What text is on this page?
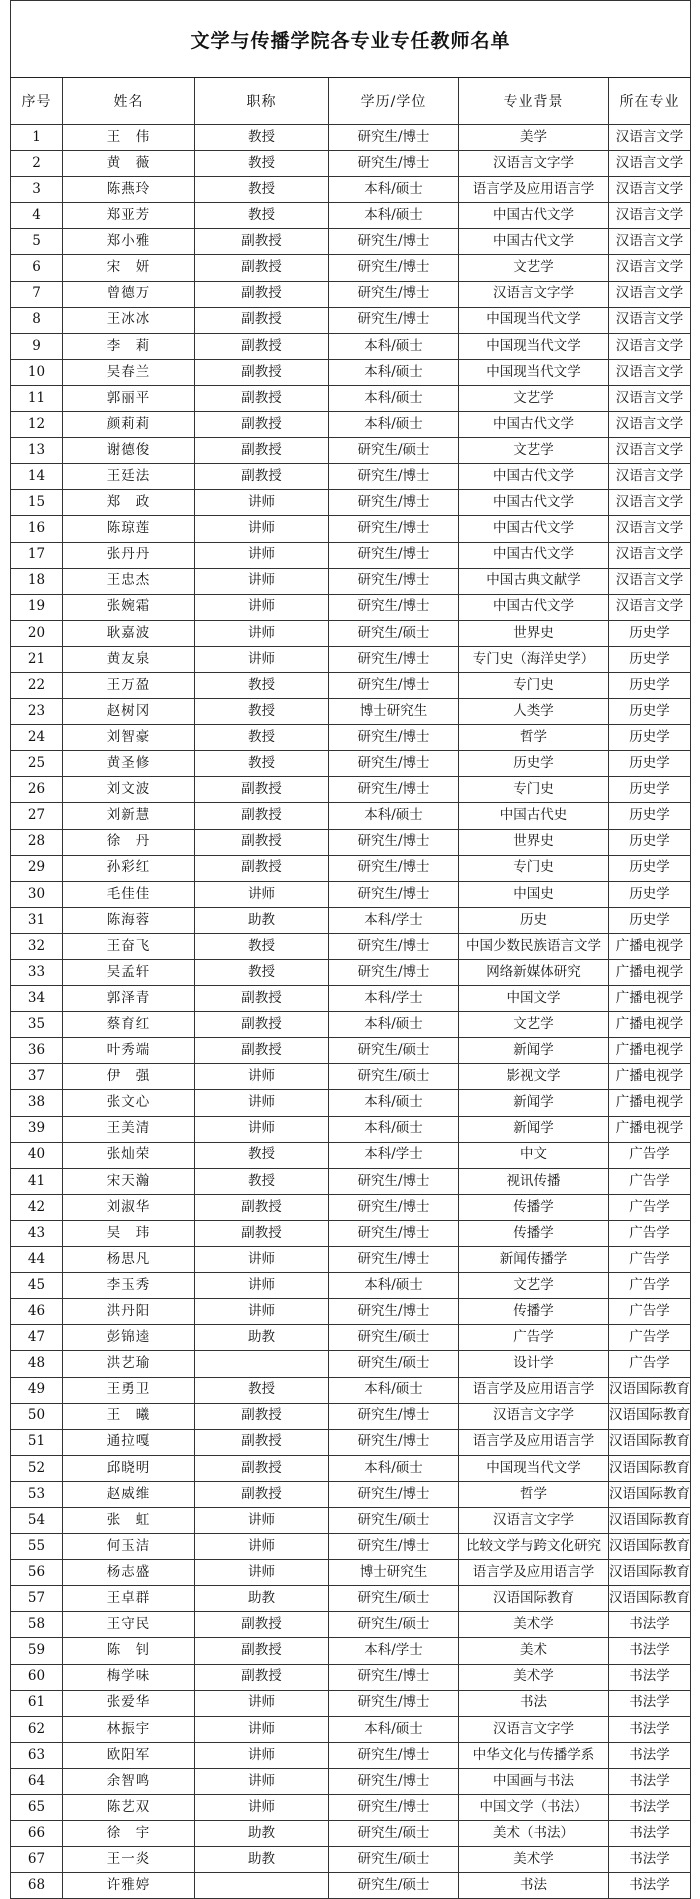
文学与传播学院各专业专任教师名单					
序号	姓名	职称	学历/学位	专业背景	所在专业
1	王　伟	教授	研究生/博士	美学	汉语言文学
2	黄　薇	教授	研究生/博士	汉语言文字学	汉语言文学
3	陈燕玲	教授	本科/硕士	语言学及应用语言学	汉语言文学
4	郑亚芳	教授	本科/硕士	中国古代文学	汉语言文学
5	郑小雅	副教授	研究生/博士	中国古代文学	汉语言文学
6	宋　妍	副教授	研究生/博士	文艺学	汉语言文学
7	曾德万	副教授	研究生/博士	汉语言文字学	汉语言文学
8	王冰冰	副教授	研究生/博士	中国现当代文学	汉语言文学
9	李　莉	副教授	本科/硕士	中国现当代文学	汉语言文学
10	吴春兰	副教授	本科/硕士	中国现当代文学	汉语言文学
11	郭丽平	副教授	本科/硕士	文艺学	汉语言文学
12	颜莉莉	副教授	本科/硕士	中国古代文学	汉语言文学
13	谢德俊	副教授	研究生/硕士	文艺学	汉语言文学
14	王廷法	副教授	研究生/博士	中国古代文学	汉语言文学
15	郑　政	讲师	研究生/博士	中国古代文学	汉语言文学
16	陈琼莲	讲师	研究生/博士	中国古代文学	汉语言文学
17	张丹丹	讲师	研究生/博士	中国古代文学	汉语言文学
18	王忠杰	讲师	研究生/博士	中国古典文献学	汉语言文学
19	张婉霜	讲师	研究生/博士	中国古代文学	汉语言文学
20	耿嘉波	讲师	研究生/硕士	世界史	历史学
21	黄友泉	讲师	研究生/博士	专门史（海洋史学）	历史学
22	王万盈	教授	研究生/博士	专门史	历史学
23	赵树冈	教授	博士研究生	人类学	历史学
24	刘智豪	教授	研究生/博士	哲学	历史学
25	黄圣修	教授	研究生/博士	历史学	历史学
26	刘文波	副教授	研究生/博士	专门史	历史学
27	刘新慧	副教授	本科/硕士	中国古代史	历史学
28	徐　丹	副教授	研究生/博士	世界史	历史学
29	孙彩红	副教授	研究生/博士	专门史	历史学
30	毛佳佳	讲师	研究生/博士	中国史	历史学
31	陈海蓉	助教	本科/学士	历史	历史学
32	王奋飞	教授	研究生/博士	中国少数民族语言文学	广播电视学
33	吴孟轩	教授	研究生/博士	网络新媒体研究	广播电视学
34	郭泽青	副教授	本科/学士	中国文学	广播电视学
35	蔡育红	副教授	本科/硕士	文艺学	广播电视学
36	叶秀端	副教授	研究生/硕士	新闻学	广播电视学
37	伊　强	讲师	研究生/硕士	影视文学	广播电视学
38	张文心	讲师	本科/硕士	新闻学	广播电视学
39	王美清	讲师	本科/硕士	新闻学	广播电视学
40	张灿荣	教授	本科/学士	中文	广告学
41	宋天瀚	教授	研究生/博士	视讯传播	广告学
42	刘淑华	副教授	研究生/博士	传播学	广告学
43	吴　玮	副教授	研究生/博士	传播学	广告学
44	杨思凡	讲师	研究生/博士	新闻传播学	广告学
45	李玉秀	讲师	本科/硕士	文艺学	广告学
46	洪丹阳	讲师	研究生/博士	传播学	广告学
47	彭锦逵	助教	研究生/硕士	广告学	广告学
48	洪艺瑜		研究生/硕士	设计学	广告学
49	王勇卫	教授	本科/硕士	语言学及应用语言学	汉语国际教育
50	王　曦	副教授	研究生/博士	汉语言文字学	汉语国际教育
51	通拉嘎	副教授	研究生/博士	语言学及应用语言学	汉语国际教育
52	邱晓明	副教授	本科/硕士	中国现当代文学	汉语国际教育
53	赵威维	副教授	研究生/博士	哲学	汉语国际教育
54	张　虹	讲师	研究生/硕士	汉语言文字学	汉语国际教育
55	何玉洁	讲师	研究生/博士	比较文学与跨文化研究	汉语国际教育
56	杨志盛	讲师	博士研究生	语言学及应用语言学	汉语国际教育
57	王卓群	助教	研究生/硕士	汉语国际教育	汉语国际教育
58	王守民	副教授	研究生/硕士	美术学	书法学
59	陈　钊	副教授	本科/学士	美术	书法学
60	梅学味	副教授	研究生/博士	美术学	书法学
61	张爱华	讲师	研究生/博士	书法	书法学
62	林振宇	讲师	本科/硕士	汉语言文字学	书法学
63	欧阳军	讲师	研究生/博士	中华文化与传播学系	书法学
64	余智鸣	讲师	研究生/博士	中国画与书法	书法学
65	陈艺双	讲师	研究生/博士	中国文学（书法）	书法学
66	徐　宇	助教	研究生/硕士	美术（书法）	书法学
67	王一炎	助教	研究生/硕士	美术学	书法学
68	许雅婷		研究生/硕士	书法	书法学
